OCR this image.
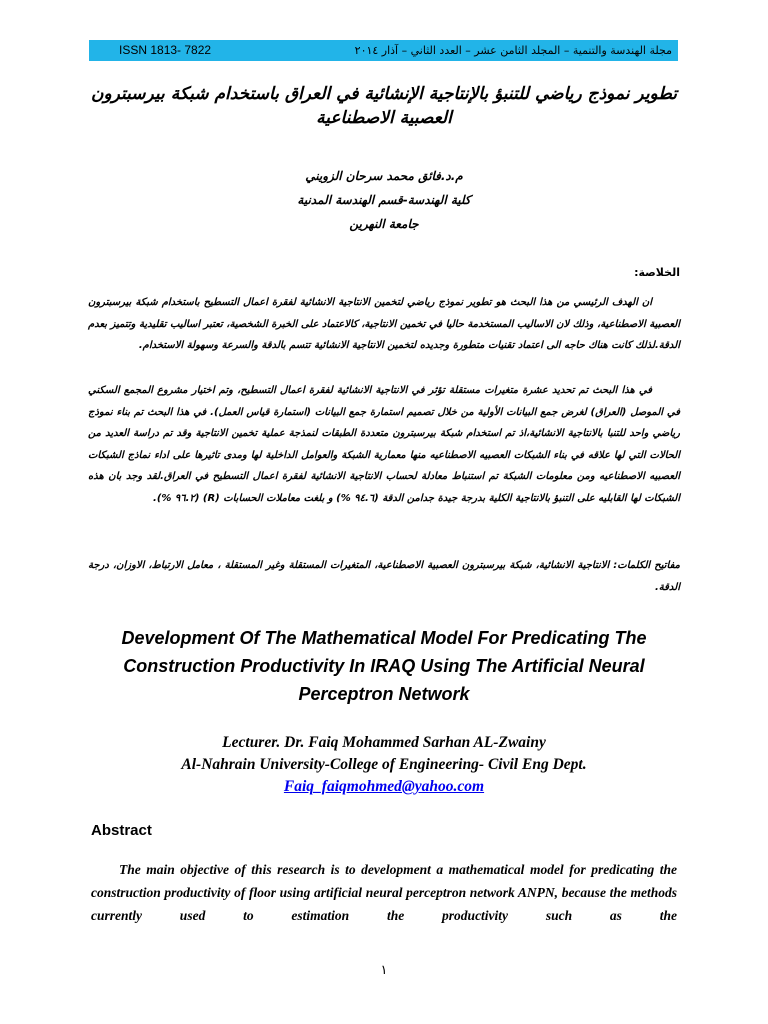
ISSN 1813- 7822	مجلة الهندسة والتنمية – المجلد الثامن عشر – العدد الثاني – آذار ٢٠١٤
تطوير نموذج رياضي للتنبؤ بالإنتاجية الإنشائية في العراق باستخدام شبكة بيرسبترون العصبية الاصطناعية
م.د.فائق محمد سرحان الزويني
كلية الهندسة-قسم الهندسة المدنية
جامعة النهرين
الخلاصة:
ان الهدف الرئيسي من هذا البحث هو تطوير نموذج رياضي لتخمين الانتاجية الانشائية لفقرة اعمال التسطيح باستخدام شبكة بيرسبترون العصبية الاصطناعية، وذلك لان الاساليب المستخدمة حاليا في تخمين الانتاجية، كالاعتماد على الخبرة الشخصية، تعتبر اساليب تقليدية وتتميز بعدم الدقة.لذلك كانت هناك حاجه الى اعتماد تقنيات متطورة وجديده لتخمين الانتاجية الانشائية تتسم بالدقة والسرعة وسهولة الاستخدام.
في هذا البحث تم تحديد عشرة متغيرات مستقلة تؤثر في الانتاجية الانشائية لفقرة اعمال التسطيح، وتم اختيار مشروع المجمع السكني في الموصل (العراق) لغرض جمع البيانات الأولية من خلال تصميم استمارة جمع البيانات (استمارة قياس العمل). في هذا البحث تم بناء نموذج رياضي واحد للتنبا بالانتاجية الانشائية،اذ تم استخدام شبكة بيرسبترون متعددة الطبقات لنمذجة عملية تخمين الانتاجية وقد تم دراسة العديد من الحالات التي لها علاقه في بناء الشبكات العصبيه الاصطناعيه منها معمارية الشبكة والعوامل الداخلية لها ومدى تاثيرها على اداء نماذج الشبكات العصبيه الاصطناعيه ومن معلومات الشبكة تم استنباط معادلة لحساب الانتاجية الانشائية لفقرة اعمال التسطيح في العراق.لقد وجد بان هذه الشبكات لها القابليه على التنبؤ بالانتاجية الكلية بدرجة جيدة جدامن الدقة (٩٤.٦ %) و بلغت معاملات الحسابات (R) (٩٦.٢ %).
مفاتيح الكلمات: الانتاجية الانشائية، شبكة بيرسبترون العصبية الاصطناعية، المتغيرات المستقلة وغير المستقلة ، معامل الارتباط، الاوزان، درجة الدقة.
Development Of The Mathematical Model For Predicating The Construction Productivity In IRAQ Using The Artificial Neural Perceptron Network
Lecturer. Dr. Faiq Mohammed Sarhan AL-Zwainy
Al-Nahrain University-College of Engineering- Civil Eng Dept.
Faiq_faiqmohmed@yahoo.com
Abstract
The main objective of this research is to development a mathematical model for predicating the construction productivity of floor using artificial neural perceptron network ANPN, because the methods currently used to estimation the productivity such as the
١
